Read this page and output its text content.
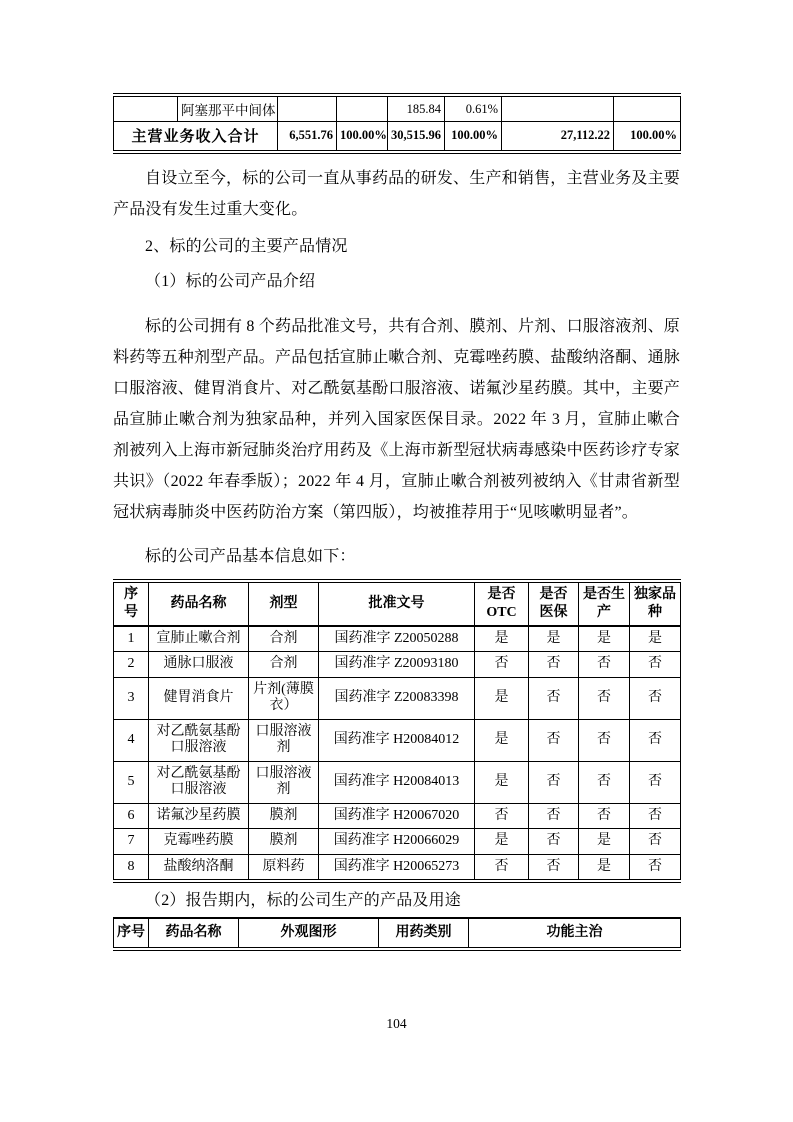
	阿塞那平中间体			185.84	0.61%		
主营业务收入合计		6,551.76	100.00%	30,515.96	100.00%	27,112.22	100.00%

自设立至今，标的公司一直从事药品的研发、生产和销售，主营业务及主要产品没有发生过重大变化。

2、标的公司的主要产品情况

（1）标的公司产品介绍

标的公司拥有 8 个药品批准文号，共有合剂、膜剂、片剂、口服溶液剂、原料药等五种剂型产品。产品包括宣肺止嗽合剂、克霉唑药膜、盐酸纳洛酮、通脉口服溶液、健胃消食片、对乙酰氨基酚口服溶液、诺氟沙星药膜。其中，主要产品宣肺止嗽合剂为独家品种，并列入国家医保目录。2022 年 3 月，宣肺止嗽合剂被列入上海市新冠肺炎治疗用药及《上海市新型冠状病毒感染中医药诊疗专家共识》（2022 年春季版）；2022 年 4 月，宣肺止嗽合剂被列被纳入《甘肃省新型冠状病毒肺炎中医药防治方案（第四版），均被推荐用于“见咳嗽明显者”。

标的公司产品基本信息如下：

序号	药品名称	剂型	批准文号	是否OTC	是否医保	是否生产	独家品种
1	宣肺止嗽合剂	合剂	国药准字 Z20050288	是	是	是	是
2	通脉口服液	合剂	国药准字 Z20093180	否	否	否	否
3	健胃消食片	片剂(薄膜衣）	国药准字 Z20083398	是	否	否	否
4	对乙酰氨基酚口服溶液	口服溶液剂	国药准字 H20084012	是	否	否	否
5	对乙酰氨基酚口服溶液	口服溶液剂	国药准字 H20084013	是	否	否	否
6	诺氟沙星药膜	膜剂	国药准字 H20067020	否	否	否	否
7	克霉唑药膜	膜剂	国药准字 H20066029	是	否	是	否
8	盐酸纳洛酮	原料药	国药准字 H20065273	否	否	是	否

（2）报告期内，标的公司生产的产品及用途

序号	药品名称	外观图形	用药类别	功能主治
104
